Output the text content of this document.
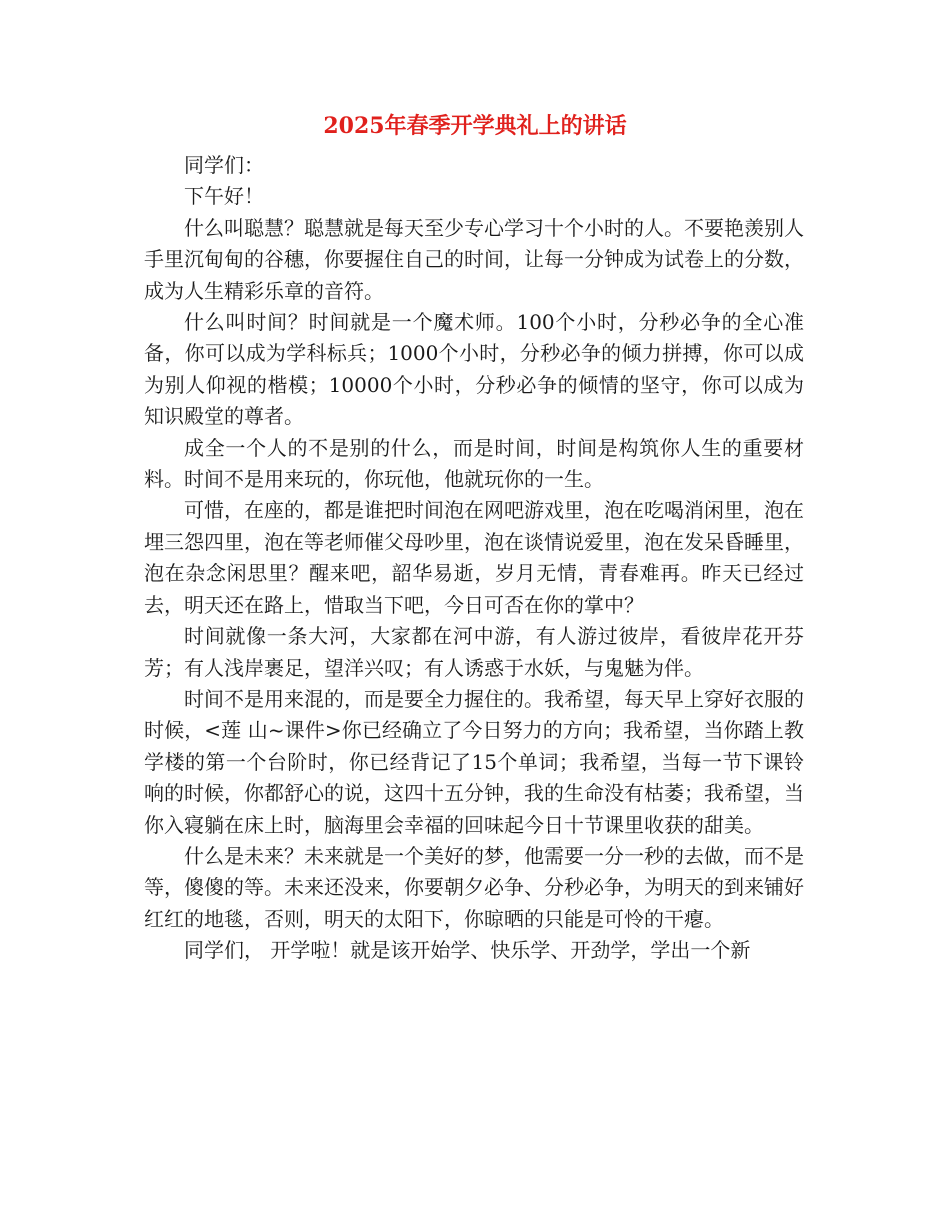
2025年春季开学典礼上的讲话

同学们：

下午好！

什么叫聪慧？聪慧就是每天至少专心学习十个小时的人。不要艳羡别人手里沉甸甸的谷穗，你要握住自己的时间，让每一分钟成为试卷上的分数，成为人生精彩乐章的音符。

什么叫时间？时间就是一个魔术师。100个小时，分秒必争的全心准备，你可以成为学科标兵；1000个小时，分秒必争的倾力拼搏，你可以成为别人仰视的楷模；10000个小时，分秒必争的倾情的坚守，你可以成为知识殿堂的尊者。

成全一个人的不是别的什么，而是时间，时间是构筑你人生的重要材料。时间不是用来玩的，你玩他，他就玩你的一生。

可惜，在座的，都是谁把时间泡在网吧游戏里，泡在吃喝消闲里，泡在埋三怨四里，泡在等老师催父母吵里，泡在谈情说爱里，泡在发呆昏睡里，泡在杂念闲思里？醒来吧，韶华易逝，岁月无情，青春难再。昨天已经过去，明天还在路上，惜取当下吧，今日可否在你的掌中？

时间就像一条大河，大家都在河中游，有人游过彼岸，看彼岸花开芬芳；有人浅岸裹足，望洋兴叹；有人诱惑于水妖，与鬼魅为伴。

时间不是用来混的，而是要全力握住的。我希望，每天早上穿好衣服的时候，<莲 山~课件>你已经确立了今日努力的方向；我希望，当你踏上教学楼的第一个台阶时，你已经背记了15个单词；我希望，当每一节下课铃响的时候，你都舒心的说，这四十五分钟，我的生命没有枯萎；我希望，当你入寝躺在床上时，脑海里会幸福的回味起今日十节课里收获的甜美。

什么是未来？未来就是一个美好的梦，他需要一分一秒的去做，而不是等，傻傻的等。未来还没来，你要朝夕必争、分秒必争，为明天的到来铺好红红的地毯，否则，明天的太阳下，你晾晒的只能是可怜的干瘪。

同学们， 开学啦！就是该开始学、快乐学、开劲学，学出一个新
